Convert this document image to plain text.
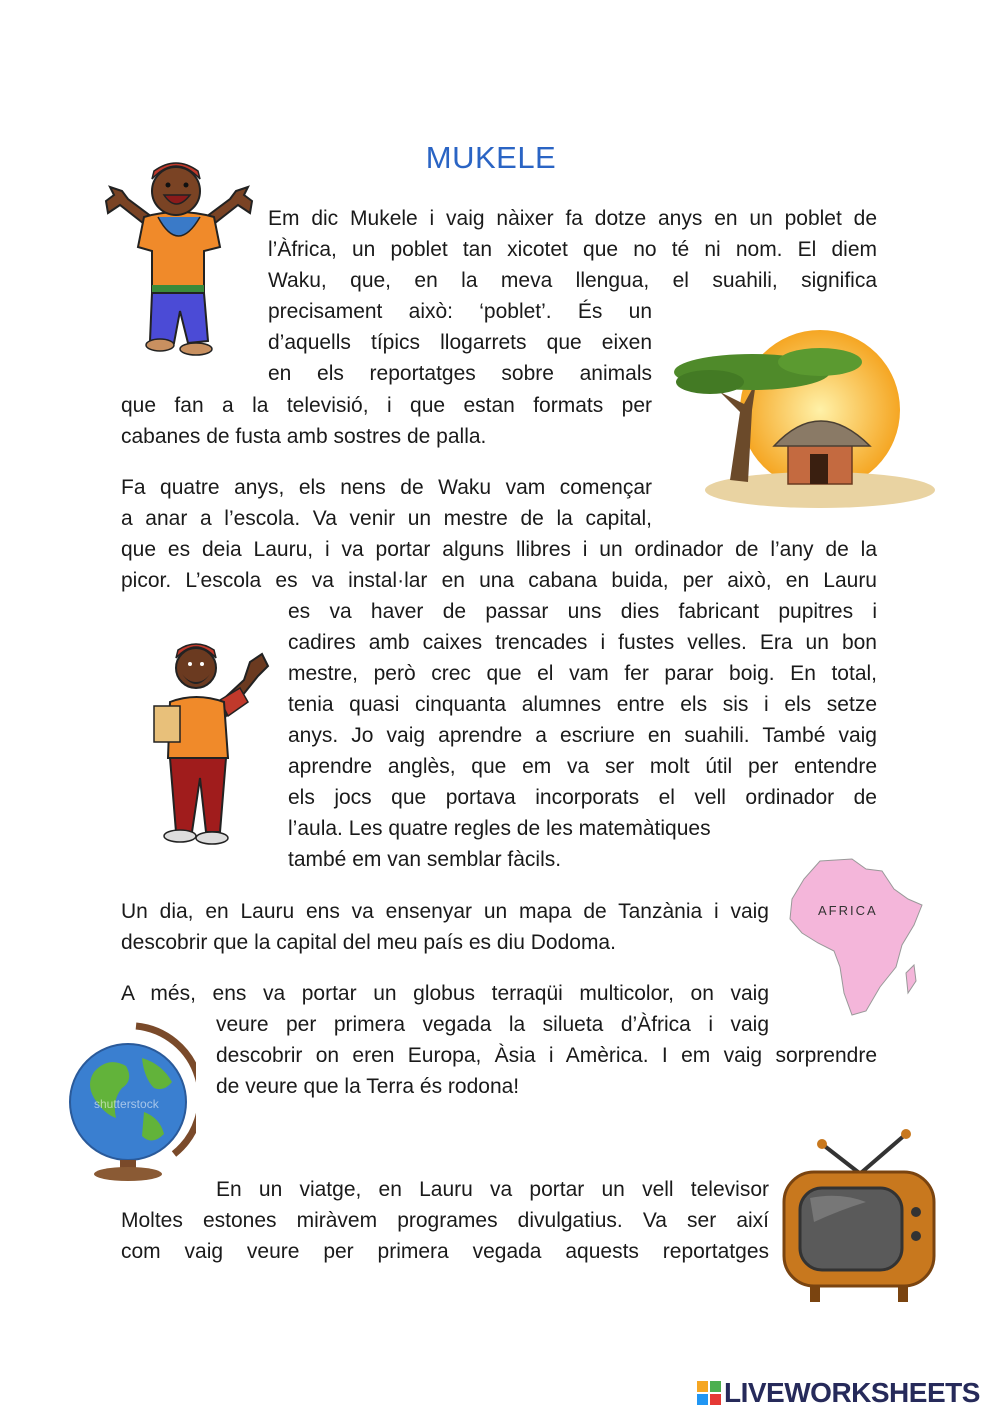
MUKELE
Em dic Mukele i vaig nàixer fa dotze anys en un poblet de
l’Àfrica, un poblet tan xicotet que no té ni nom. El diem
Waku, que, en la meva llengua, el suahili, significa
precisament això: ‘poblet’. És un
d’aquells típics llogarrets que eixen
en els reportatges sobre animals
que fan a la televisió, i que estan formats per
cabanes de fusta amb sostres de palla.
Fa quatre anys, els nens de Waku vam començar
a anar a l’escola. Va venir un mestre de la capital,
que es deia Lauru, i va portar alguns llibres i un ordinador de l’any de la
picor. L’escola es va instal·lar en una cabana buida, per això, en Lauru
es va haver de passar uns dies fabricant pupitres i
cadires amb caixes trencades i fustes velles. Era un bon
mestre, però crec que el vam fer parar boig. En total,
tenia quasi cinquanta alumnes entre els sis i els setze
anys. Jo vaig aprendre a escriure en suahili. També vaig
aprendre anglès, que em va ser molt útil per entendre
els jocs que portava incorporats el vell ordinador de
l’aula. Les quatre regles de les matemàtiques
també em van semblar fàcils.
Un dia, en Lauru ens va ensenyar un mapa de Tanzània i vaig
descobrir que la capital del meu país es diu Dodoma.
A més, ens va portar un globus terraqüi multicolor, on vaig
veure per primera vegada la silueta d’Àfrica i vaig
descobrir on eren Europa, Àsia i Amèrica. I em vaig sorprendre
de veure que la Terra és rodona!
En un viatge, en Lauru va portar un vell televisor
Moltes estones miràvem programes divulgatius. Va ser així
com vaig veure per primera vegada aquests reportatges
AFRICA
shutterstock
LIVEWORKSHEETS
